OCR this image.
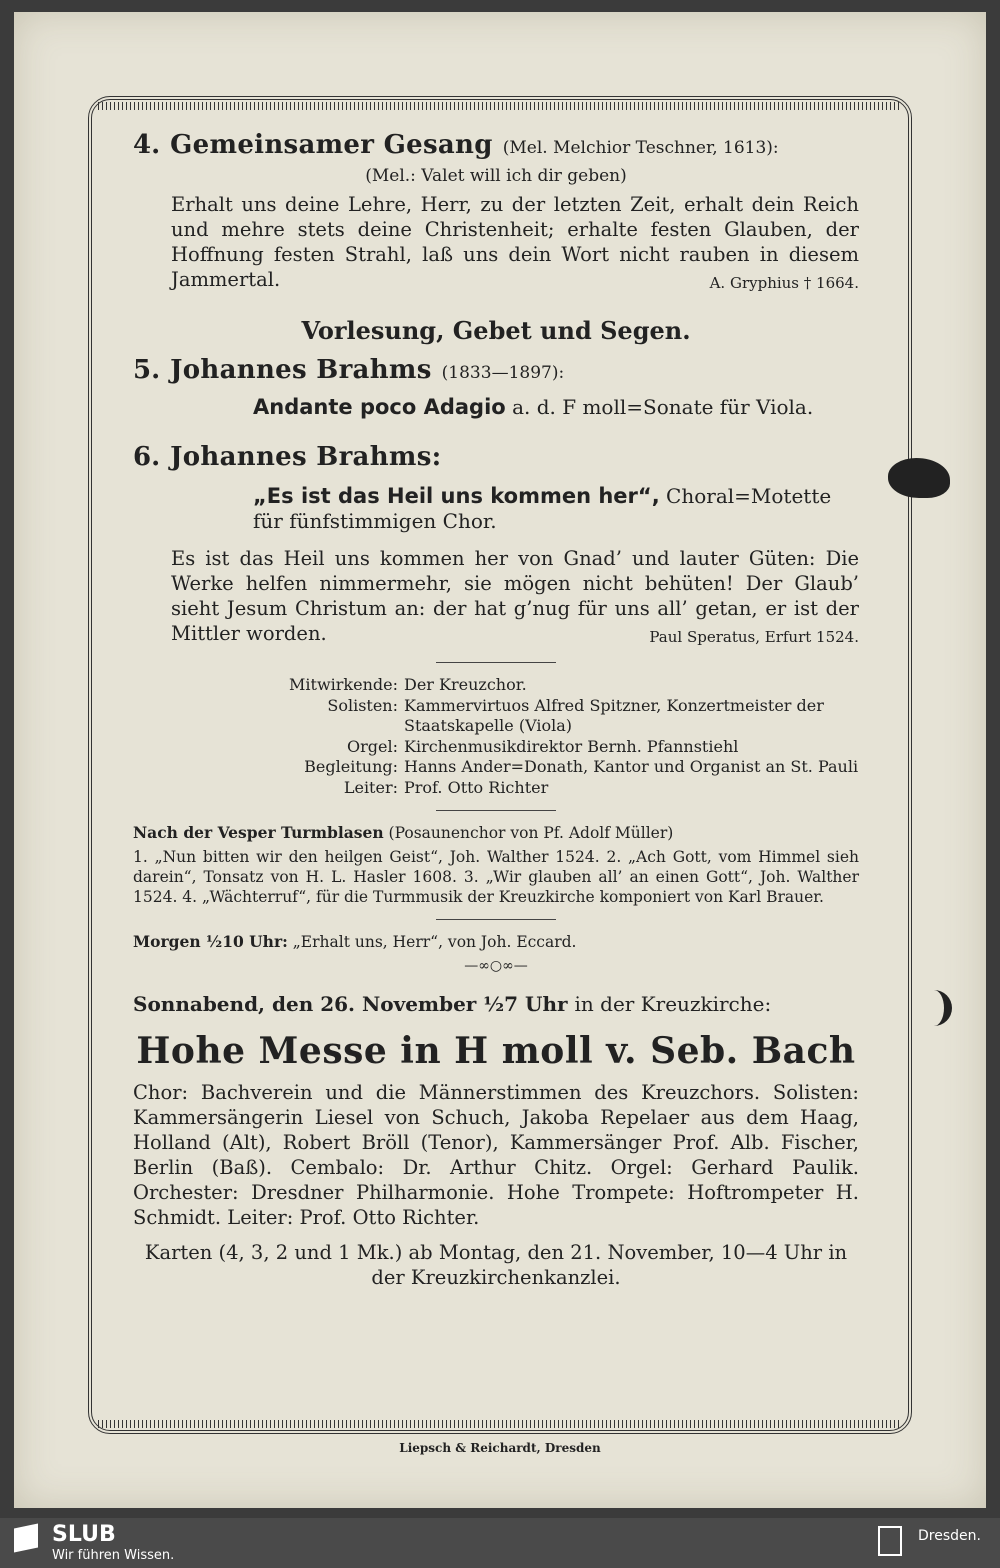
4. Gemeinsamer Gesang (Mel. Melchior Teschner, 1613):
(Mel.: Valet will ich dir geben)
Erhalt uns deine Lehre, Herr, zu der letzten Zeit, erhalt dein Reich und mehre stets deine Christenheit; erhalte festen Glauben, der Hoffnung festen Strahl, laß uns dein Wort nicht rauben in diesem Jammertal.	A. Gryphius † 1664.
Vorlesung, Gebet und Segen.
5. Johannes Brahms (1833—1897):
Andante poco Adagio a. d. F moll=Sonate für Viola.
6. Johannes Brahms:
„Es ist das Heil uns kommen her“, Choral=Motette für fünfstimmigen Chor.
Es ist das Heil uns kommen her von Gnad’ und lauter Güten: Die Werke helfen nimmermehr, sie mögen nicht behüten! Der Glaub’ sieht Jesum Christum an: der hat g’nug für uns all’ getan, er ist der Mittler worden.	Paul Speratus, Erfurt 1524.
Mitwirkende: Der Kreuzchor.
Solisten: Kammervirtuos Alfred Spitzner, Konzertmeister der Staatskapelle (Viola)
Orgel: Kirchenmusikdirektor Bernh. Pfannstiehl
Begleitung: Hanns Ander=Donath, Kantor und Organist an St. Pauli
Leiter: Prof. Otto Richter
Nach der Vesper Turmblasen (Posaunenchor von Pf. Adolf Müller)
1. „Nun bitten wir den heilgen Geist“, Joh. Walther 1524. 2. „Ach Gott, vom Himmel sieh darein“, Tonsatz von H. L. Hasler 1608. 3. „Wir glauben all’ an einen Gott“, Joh. Walther 1524. 4. „Wächterruf“, für die Turmmusik der Kreuzkirche komponiert von Karl Brauer.
Morgen ½10 Uhr: „Erhalt uns, Herr“, von Joh. Eccard.
—∞○∞—
Sonnabend, den 26. November ½7 Uhr in der Kreuzkirche:
Hohe Messe in H moll v. Seb. Bach
Chor: Bachverein und die Männerstimmen des Kreuzchors. Solisten: Kammersängerin Liesel von Schuch, Jakoba Repelaer aus dem Haag, Holland (Alt), Robert Bröll (Tenor), Kammersänger Prof. Alb. Fischer, Berlin (Baß). Cembalo: Dr. Arthur Chitz. Orgel: Gerhard Paulik. Orchester: Dresdner Philharmonie. Hohe Trompete: Hoftrompeter H. Schmidt. Leiter: Prof. Otto Richter.
Karten (4, 3, 2 und 1 Mk.) ab Montag, den 21. November, 10—4 Uhr in der Kreuzkirchenkanzlei.
Liepsch & Reichardt, Dresden
SLUB
Wir führen Wissen.
Dresden.
